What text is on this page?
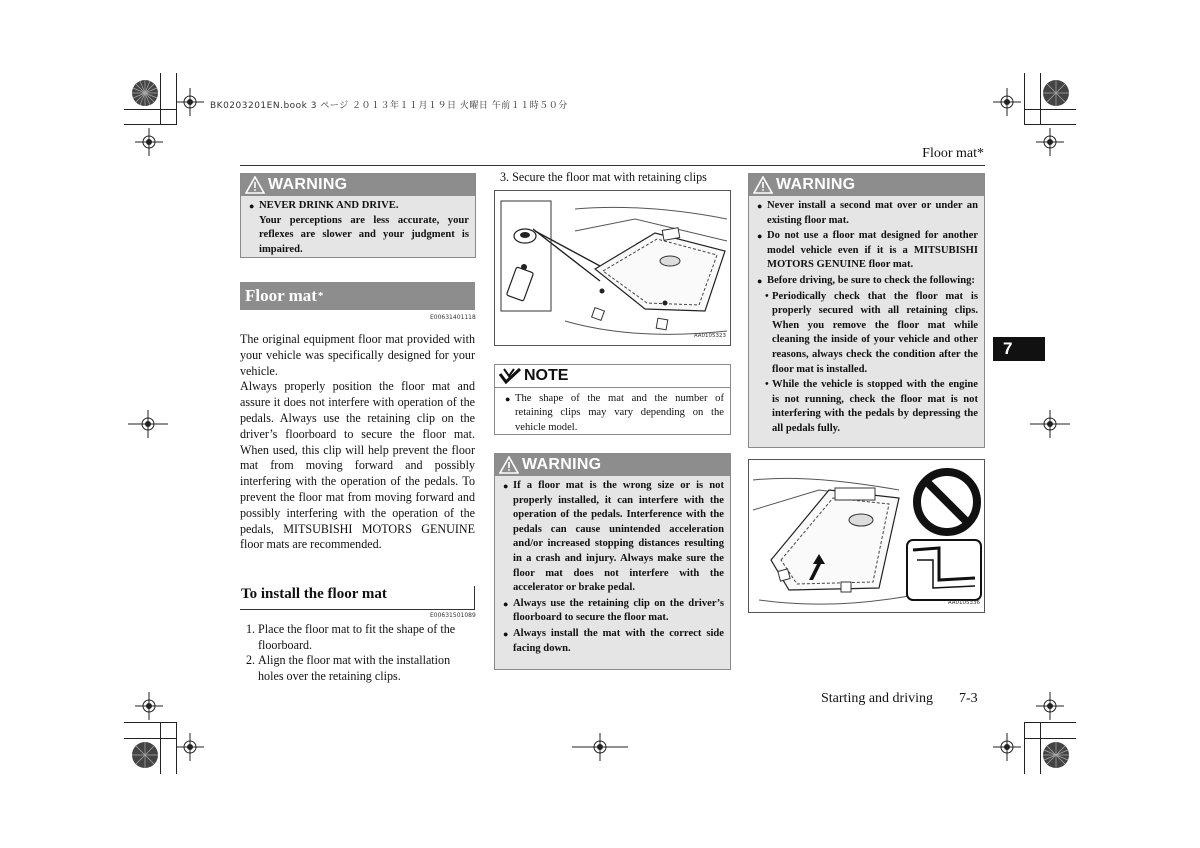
BK0203201EN.book 3 ページ ２０１３年１１月１９日 火曜日 午前１１時５０分
Floor mat*
WARNING
● NEVER DRINK AND DRIVE.
Your perceptions are less accurate, your reflexes are slower and your judgment is impaired.
Floor mat *
E00631401118
The original equipment floor mat provided with your vehicle was specifically designed for your vehicle.
Always properly position the floor mat and assure it does not interfere with operation of the pedals. Always use the retaining clip on the driver’s floorboard to secure the floor mat. When used, this clip will help prevent the floor mat from moving forward and possibly interfering with the operation of the pedals. To prevent the floor mat from moving forward and possibly interfering with the operation of the pedals, MITSUBISHI MOTORS GENUINE floor mats are recommended.
To install the floor mat
E00631501089
1. Place the floor mat to fit the shape of the floorboard.
2. Align the floor mat with the installation holes over the retaining clips.
3. Secure the floor mat with retaining clips
AA0105323
NOTE
● The shape of the mat and the number of retaining clips may vary depending on the vehicle model.
WARNING
● If a floor mat is the wrong size or is not properly installed, it can interfere with the operation of the pedals. Interference with the pedals can cause unintended acceleration and/or increased stopping distances resulting in a crash and injury. Always make sure the floor mat does not interfere with the accelerator or brake pedal.
● Always use the retaining clip on the driver’s floorboard to secure the floor mat.
● Always install the mat with the correct side facing down.
WARNING
● Never install a second mat over or under an existing floor mat.
● Do not use a floor mat designed for another model vehicle even if it is a MITSUBISHI MOTORS GENUINE floor mat.
● Before driving, be sure to check the following:
• Periodically check that the floor mat is properly secured with all retaining clips. When you remove the floor mat while cleaning the inside of your vehicle and other reasons, always check the condition after the floor mat is installed.
• While the vehicle is stopped with the engine is not running, check the floor mat is not interfering with the pedals by depressing the all pedals fully.
AA0105336
7
Starting and driving 7-3
